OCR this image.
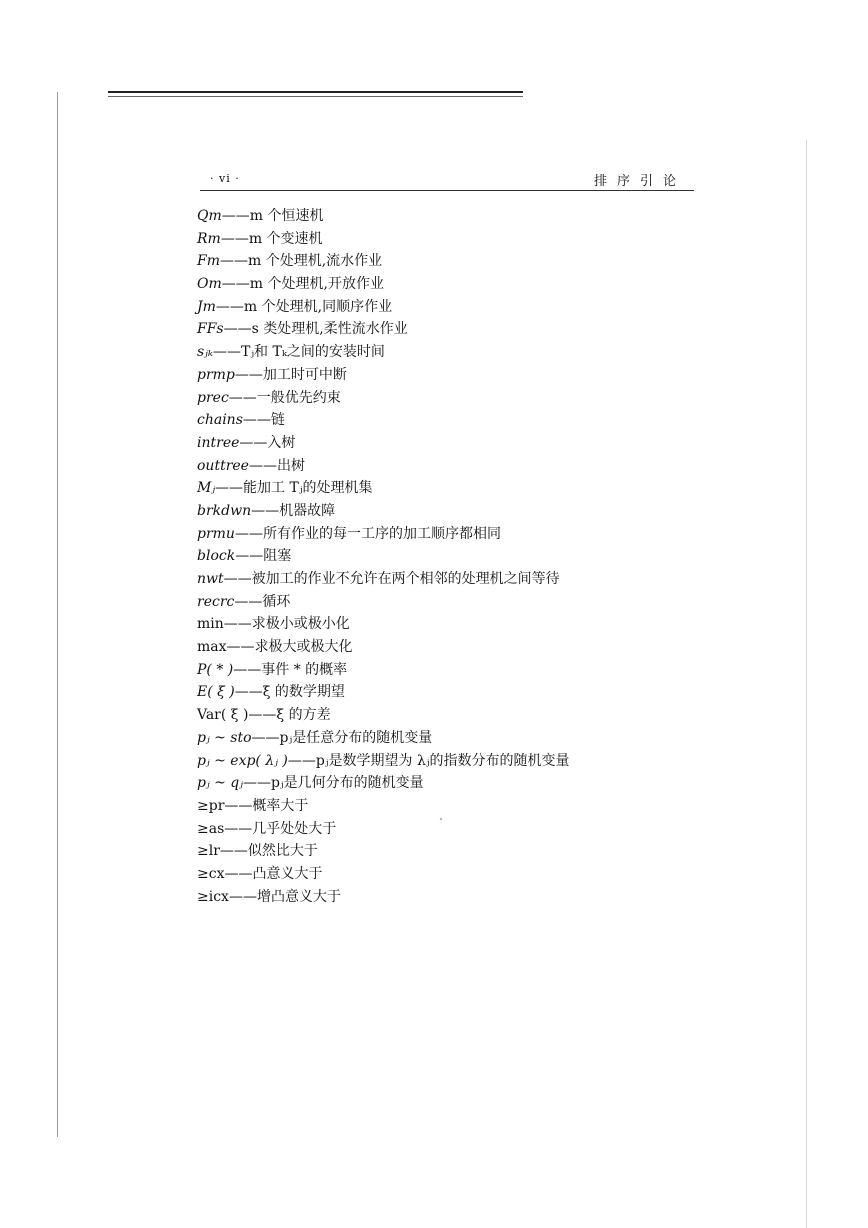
· vi ·	排序引论
Qm——m 个恒速机
Rm——m 个变速机
Fm——m 个处理机,流水作业
Om——m 个处理机,开放作业
Jm——m 个处理机,同顺序作业
FFs——s 类处理机,柔性流水作业
sⱼₖ——Tⱼ和 Tₖ之间的安装时间
prmp——加工时可中断
prec——一般优先约束
chains——链
intree——入树
outtree——出树
Mⱼ——能加工 Tⱼ的处理机集
brkdwn——机器故障
prmu——所有作业的每一工序的加工顺序都相同
block——阻塞
nwt——被加工的作业不允许在两个相邻的处理机之间等待
recrc——循环
min——求极小或极小化
max——求极大或极大化
P( * )——事件 * 的概率
E( ξ )——ξ 的数学期望
Var( ξ )——ξ 的方差
pⱼ ~ sto——pⱼ是任意分布的随机变量
pⱼ ~ exp( λⱼ )——pⱼ是数学期望为 λⱼ的指数分布的随机变量
pⱼ ~ qⱼ——pⱼ是几何分布的随机变量
≥pr——概率大于
≥as——几乎处处大于
≥lr——似然比大于
≥cx——凸意义大于
≥icx——增凸意义大于
